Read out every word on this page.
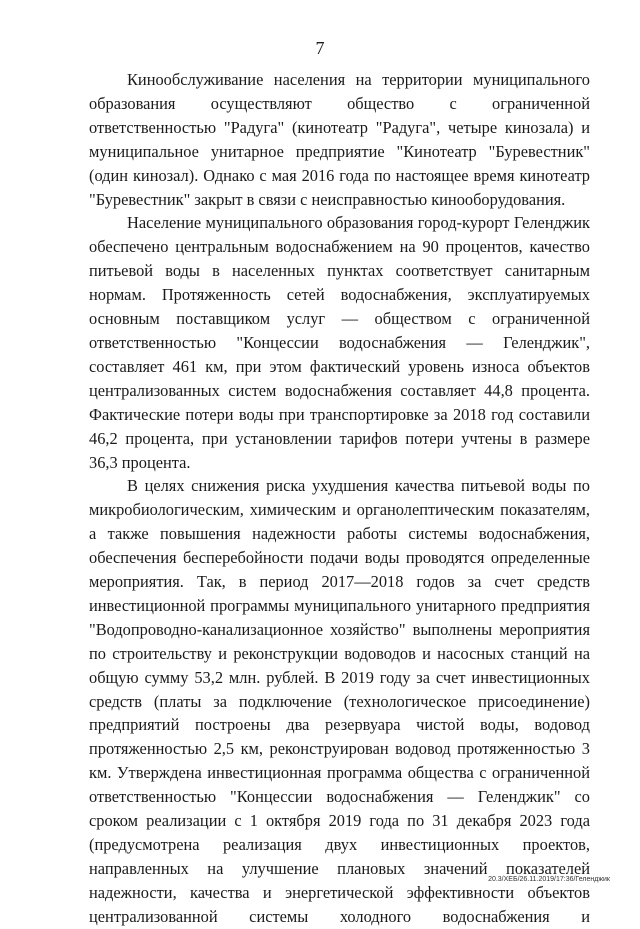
7

Кинообслуживание населения на территории муниципального образования осуществляют общество с ограниченной ответственностью "Радуга" (кинотеатр "Радуга", четыре кинозала) и муниципальное унитарное предприятие "Кинотеатр "Буревестник" (один кинозал). Однако с мая 2016 года по настоящее время кинотеатр "Буревестник" закрыт в связи с неисправностью кинооборудования.

Население муниципального образования город-курорт Геленджик обеспечено центральным водоснабжением на 90 процентов, качество питьевой воды в населенных пунктах соответствует санитарным нормам. Протяженность сетей водоснабжения, эксплуатируемых основным поставщиком услуг — обществом с ограниченной ответственностью "Концессии водоснабжения — Геленджик", составляет 461 км, при этом фактический уровень износа объектов централизованных систем водоснабжения составляет 44,8 процента. Фактические потери воды при транспортировке за 2018 год составили 46,2 процента, при установлении тарифов потери учтены в размере 36,3 процента.

В целях снижения риска ухудшения качества питьевой воды по микробиологическим, химическим и органолептическим показателям, а также повышения надежности работы системы водоснабжения, обеспечения бесперебойности подачи воды проводятся определенные мероприятия. Так, в период 2017—2018 годов за счет средств инвестиционной программы муниципального унитарного предприятия "Водопроводно-канализационное хозяйство" выполнены мероприятия по строительству и реконструкции водоводов и насосных станций на общую сумму 53,2 млн. рублей. В 2019 году за счет инвестиционных средств (платы за подключение (технологическое присоединение) предприятий построены два резервуара чистой воды, водовод протяженностью 2,5 км, реконструирован водовод протяженностью 3 км. Утверждена инвестиционная программа общества с ограниченной ответственностью "Концессии водоснабжения — Геленджик" со сроком реализации с 1 октября 2019 года по 31 декабря 2023 года (предусмотрена реализация двух инвестиционных проектов, направленных на улучшение плановых значений показателей надежности, качества и энергетической эффективности объектов централизованной системы холодного водоснабжения и

20.3/ХЕБ/26.11.2019/17:36/Геленджик
